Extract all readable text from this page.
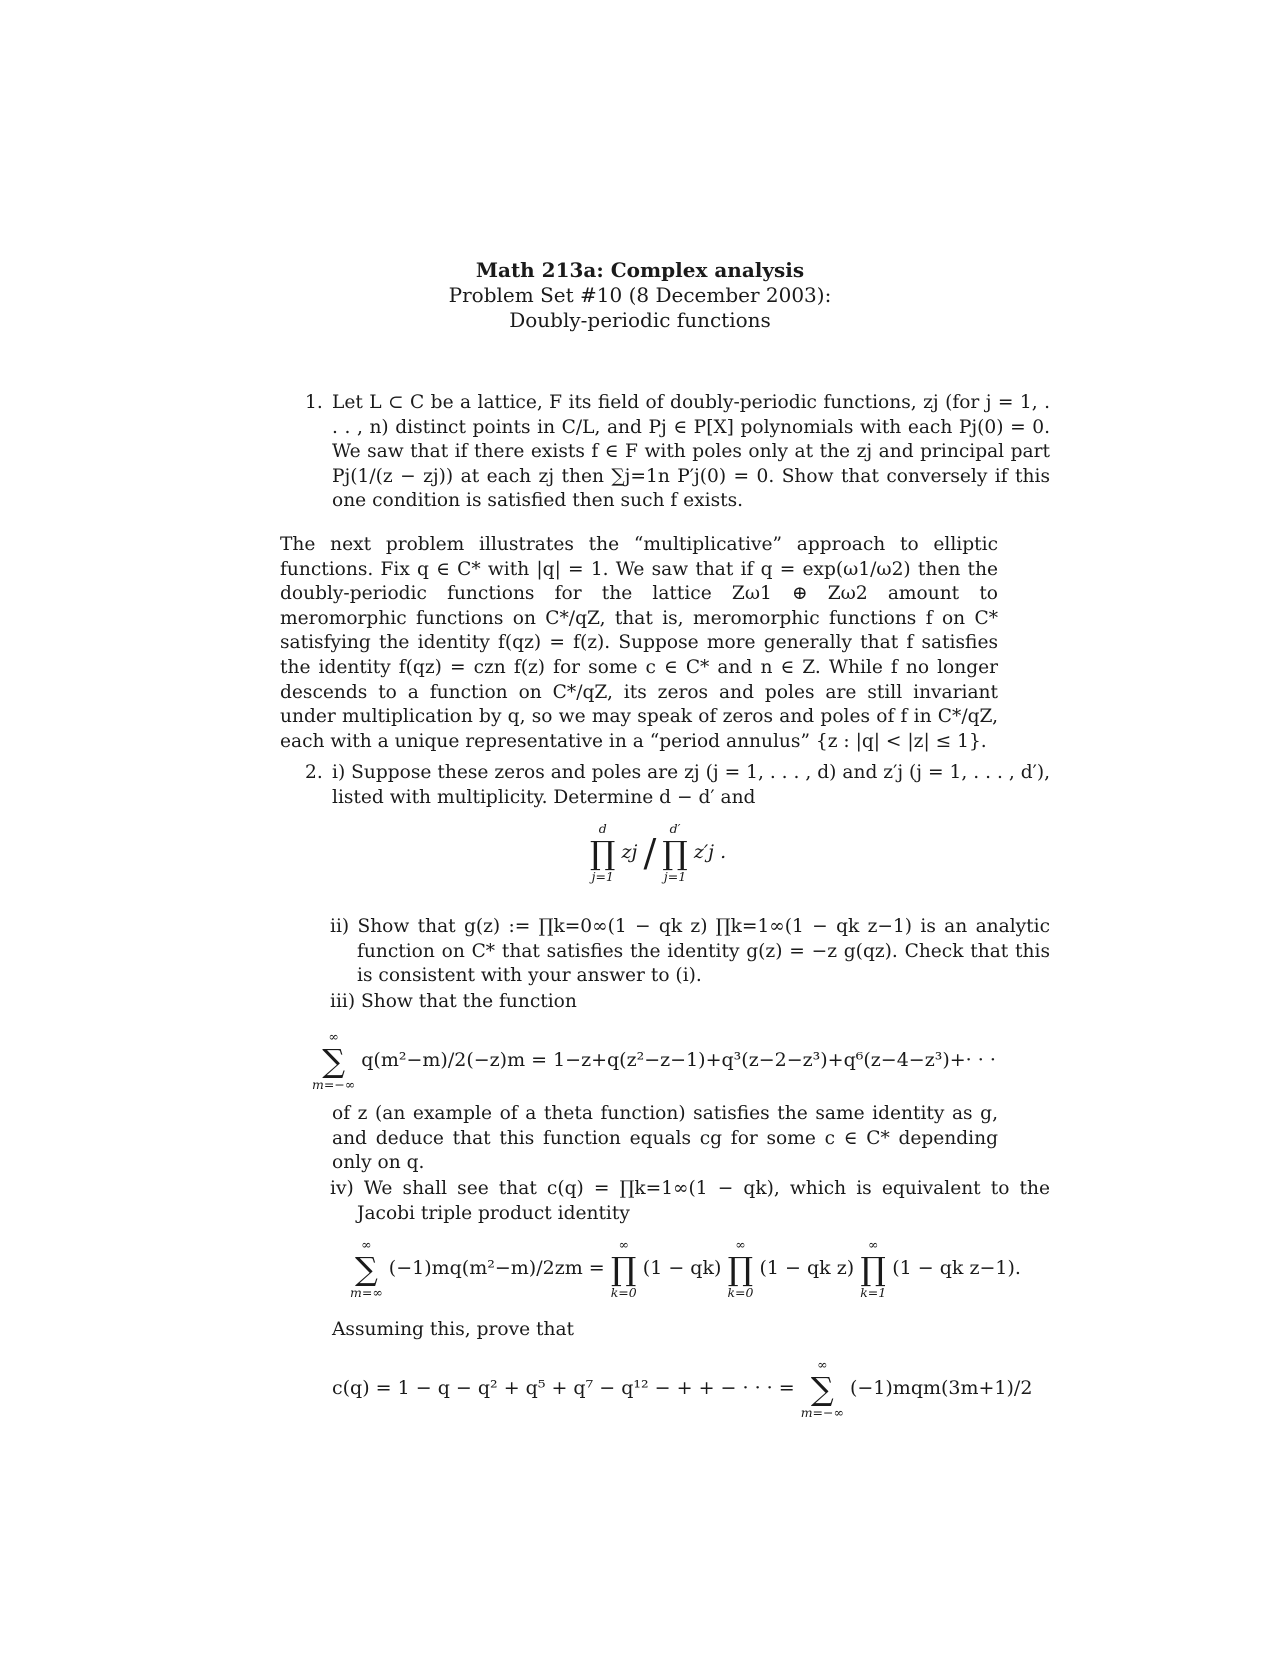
Math 213a: Complex analysis
Problem Set #10 (8 December 2003):
Doubly-periodic functions
1. Let L ⊂ C be a lattice, F its field of doubly-periodic functions, zj (for j = 1, . . . , n) distinct points in C/L, and Pj ∈ P[X] polynomials with each Pj(0) = 0. We saw that if there exists f ∈ F with poles only at the zj and principal part Pj(1/(z − zj)) at each zj then ∑j=1n P′j(0) = 0. Show that conversely if this one condition is satisfied then such f exists.
The next problem illustrates the “multiplicative” approach to elliptic functions. Fix q ∈ C* with |q| = 1. We saw that if q = exp(ω1/ω2) then the doubly-periodic functions for the lattice Zω1 ⊕ Zω2 amount to meromorphic functions on C*/qZ, that is, meromorphic functions f on C* satisfying the identity f(qz) = f(z). Suppose more generally that f satisfies the identity f(qz) = czn f(z) for some c ∈ C* and n ∈ Z. While f no longer descends to a function on C*/qZ, its zeros and poles are still invariant under multiplication by q, so we may speak of zeros and poles of f in C*/qZ, each with a unique representative in a “period annulus” {z : |q| < |z| ≤ 1}.
2. i) Suppose these zeros and poles are zj (j = 1, . . . , d) and z′j (j = 1, . . . , d′), listed with multiplicity. Determine d − d′ and
d
∏
j=1
zj /
d′
∏
j=1
z′j .
ii) Show that g(z) := ∏k=0∞(1 − qk z) ∏k=1∞(1 − qk z−1) is an analytic function on C* that satisfies the identity g(z) = −z g(qz). Check that this is consistent with your answer to (i).
iii) Show that the function
∞
∑
m=−∞
q(m²−m)/2(−z)m = 1−z+q(z²−z−1)+q³(z−2−z³)+q⁶(z−4−z³)+· · ·
of z (an example of a theta function) satisfies the same identity as g, and deduce that this function equals cg for some c ∈ C* depending only on q.
iv) We shall see that c(q) = ∏k=1∞(1 − qk), which is equivalent to the Jacobi triple product identity
∞
∑
m=∞
(−1)mq(m²−m)/2zm =
∞
∏
k=0
(1 − qk)
∞
∏
k=0
(1 − qk z)
∞
∏
k=1
(1 − qk z−1).
Assuming this, prove that
c(q) = 1 − q − q² + q⁵ + q⁷ − q¹² − + + − · · · =
∞
∑
m=−∞
(−1)mqm(3m+1)/2
